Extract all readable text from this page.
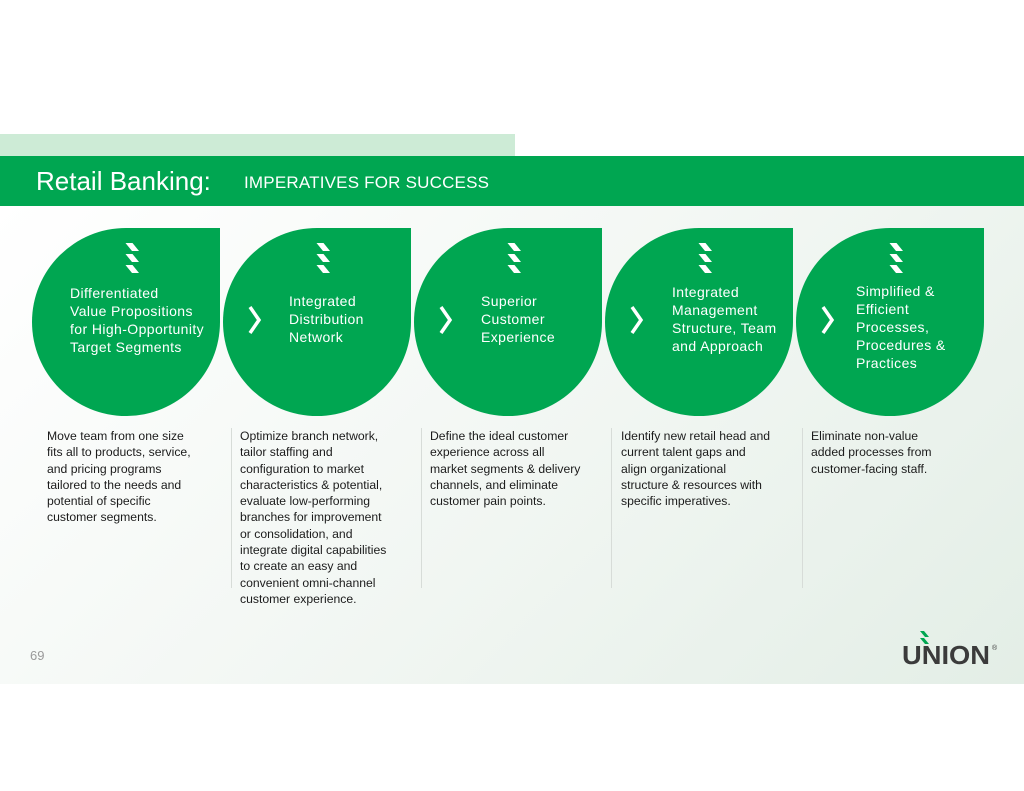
Retail Banking: IMPERATIVES FOR SUCCESS
Differentiated Value Propositions for High-Opportunity Target Segments
Integrated Distribution Network
Superior Customer Experience
Integrated Management Structure, Team and Approach
Simplified & Efficient Processes, Procedures & Practices
Move team from one size
fits all to products, service,
and pricing programs
tailored to the needs and
potential of specific
customer segments.
Optimize branch network,
tailor staffing and
configuration to market
characteristics & potential,
evaluate low-performing
branches for improvement
or consolidation, and
integrate digital capabilities
to create an easy and
convenient omni-channel
customer experience.
Define the ideal customer
experience across all
market segments & delivery
channels, and eliminate
customer pain points.
Identify new retail head and
current talent gaps and
align organizational
structure & resources with
specific imperatives.
Eliminate non-value
added processes from
customer-facing staff.
69	UNION ®
